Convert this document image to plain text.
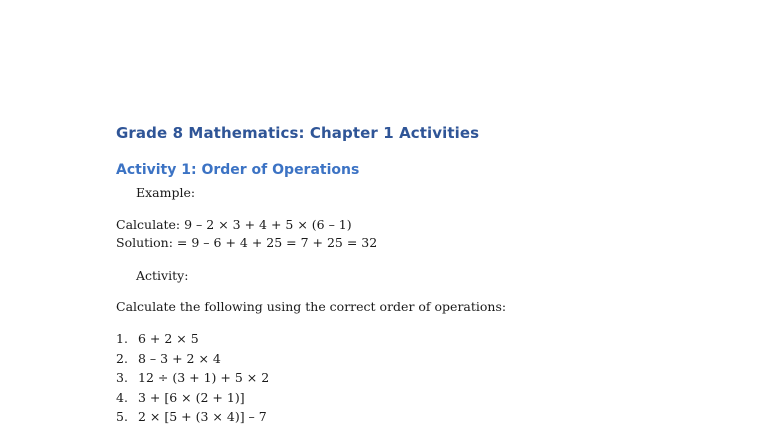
Grade 8 Mathematics: Chapter 1 Activities
Activity 1: Order of Operations

Example:

Calculate: 9 – 2 × 3 + 4 + 5 × (6 – 1)

Solution: = 9 – 6 + 4 + 25 = 7 + 25 = 32

Activity:

Calculate the following using the correct order of operations:

1. 6 + 2 × 5
2. 8 – 3 + 2 × 4
3. 12 ÷ (3 + 1) + 5 × 2
4. 3 + [6 × (2 + 1)]
5. 2 × [5 + (3 × 4)] – 7
